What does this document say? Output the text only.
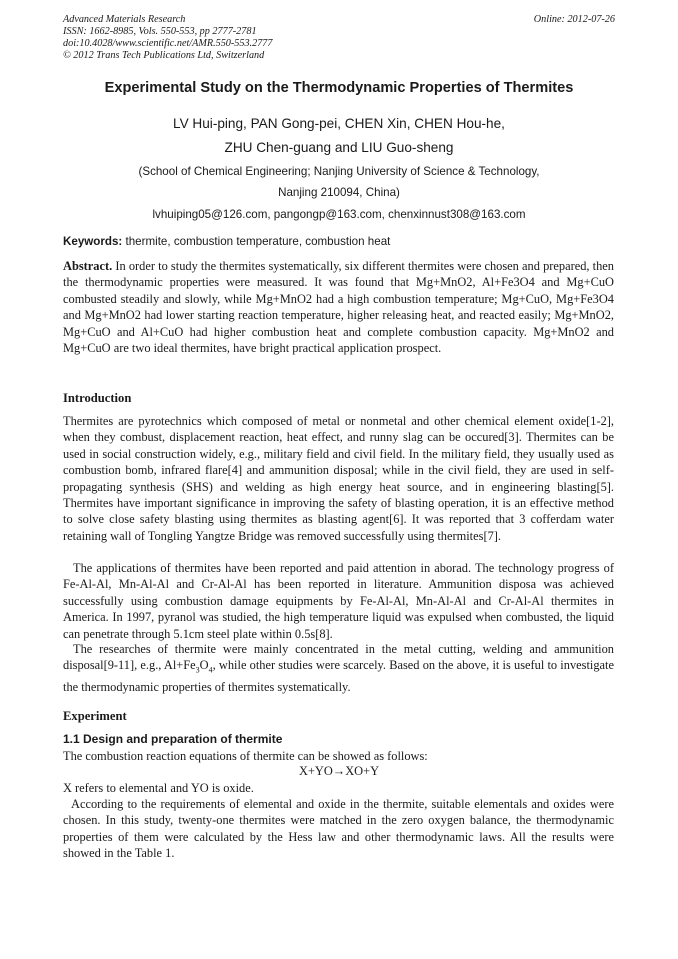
Advanced Materials Research
ISSN: 1662-8985, Vols. 550-553, pp 2777-2781
doi:10.4028/www.scientific.net/AMR.550-553.2777
© 2012 Trans Tech Publications Ltd, Switzerland
Online: 2012-07-26
Experimental Study on the Thermodynamic Properties of Thermites
LV Hui-ping, PAN Gong-pei, CHEN Xin, CHEN Hou-he,
ZHU Chen-guang and LIU Guo-sheng
(School of Chemical Engineering; Nanjing University of Science & Technology,
Nanjing 210094, China)
lvhuiping05@126.com, pangongp@163.com, chenxinnust308@163.com
Keywords: thermite, combustion temperature, combustion heat

Abstract. In order to study the thermites systematically, six different thermites were chosen and prepared, then the thermodynamic properties were measured. It was found that Mg+MnO2, Al+Fe3O4 and Mg+CuO combusted steadily and slowly, while Mg+MnO2 had a high combustion temperature; Mg+CuO, Mg+Fe3O4 and Mg+MnO2 had lower starting reaction temperature, higher releasing heat, and reacted easily; Mg+MnO2, Mg+CuO and Al+CuO had higher combustion heat and complete combustion capacity. Mg+MnO2 and Mg+CuO are two ideal thermites, have bright practical application prospect.

Introduction

Thermites are pyrotechnics which composed of metal or nonmetal and other chemical element oxide[1-2], when they combust, displacement reaction, heat effect, and runny slag can be occured[3]. Thermites can be used in social construction widely, e.g., military field and civil field. In the military field, they usually used as combustion bomb, infrared flare[4] and ammunition disposal; while in the civil field, they are used in self-propagating synthesis (SHS) and welding as high energy heat source, and in engineering blasting[5]. Thermites have important significance in improving the safety of blasting operation, it is an effective method to solve close safety blasting using thermites as blasting agent[6]. It was reported that 3 cofferdam water retaining wall of Tongling Yangtze Bridge was removed successfully using thermites[7].

The applications of thermites have been reported and paid attention in aborad. The technology progress of Fe-Al-Al, Mn-Al-Al and Cr-Al-Al has been reported in literature. Ammunition disposa was achieved successfully using combustion damage equipments by Fe-Al-Al, Mn-Al-Al and Cr-Al-Al thermites in America. In 1997, pyranol was studied, the high temperature liquid was expulsed when combusted, the liquid can penetrate through 5.1cm steel plate within 0.5s[8].

The researches of thermite were mainly concentrated in the metal cutting, welding and ammunition disposal[9-11], e.g., $Al+Fe_3O_4$, while other studies were scarcely. Based on the above, it is useful to investigate the thermodynamic properties of thermites systematically.

Experiment
1.1 Design and preparation of thermite

The combustion reaction equations of thermite can be showed as follows:

X+YO→XO+Y

X refers to elemental and YO is oxide.

According to the requirements of elemental and oxide in the thermite, suitable elementals and oxides were chosen. In this study, twenty-one thermites were matched in the zero oxygen balance, the thermodynamic properties of them were calculated by the Hess law and other thermodynamic laws. All the results were showed in the Table 1.
